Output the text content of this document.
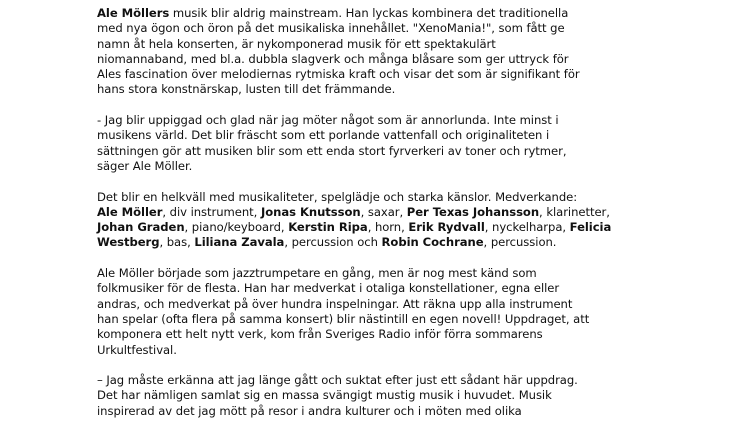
Ale Möllers musik blir aldrig mainstream. Han lyckas kombinera det traditionella
med nya ögon och öron på det musikaliska innehållet. "XenoMania!", som fått ge
namn åt hela konserten, är nykomponerad musik för ett spektakulärt
niomannaband, med bl.a. dubbla slagverk och många blåsare som ger uttryck för
Ales fascination över melodiernas rytmiska kraft och visar det som är signifikant för
hans stora konstnärskap, lusten till det främmande.

- Jag blir uppiggad och glad när jag möter något som är annorlunda. Inte minst i
musikens värld. Det blir fräscht som ett porlande vattenfall och originaliteten i
sättningen gör att musiken blir som ett enda stort fyrverkeri av toner och rytmer,
säger Ale Möller.

Det blir en helkväll med musikaliteter, spelglädje och starka känslor. Medverkande:
Ale Möller, div instrument, Jonas Knutsson, saxar, Per Texas Johansson, klarinetter,
Johan Graden, piano/keyboard, Kerstin Ripa, horn, Erik Rydvall, nyckelharpa, Felicia
Westberg, bas, Liliana Zavala, percussion och Robin Cochrane, percussion.

Ale Möller började som jazztrumpetare en gång, men är nog mest känd som
folkmusiker för de flesta. Han har medverkat i otaliga konstellationer, egna eller
andras, och medverkat på över hundra inspelningar. Att räkna upp alla instrument
han spelar (ofta flera på samma konsert) blir nästintill en egen novell! Uppdraget, att
komponera ett helt nytt verk, kom från Sveriges Radio inför förra sommarens
Urkultfestival.

– Jag måste erkänna att jag länge gått och suktat efter just ett sådant här uppdrag.
Det har nämligen samlat sig en massa svängigt mustig musik i huvudet. Musik
inspirerad av det jag mött på resor i andra kulturer och i möten med olika
